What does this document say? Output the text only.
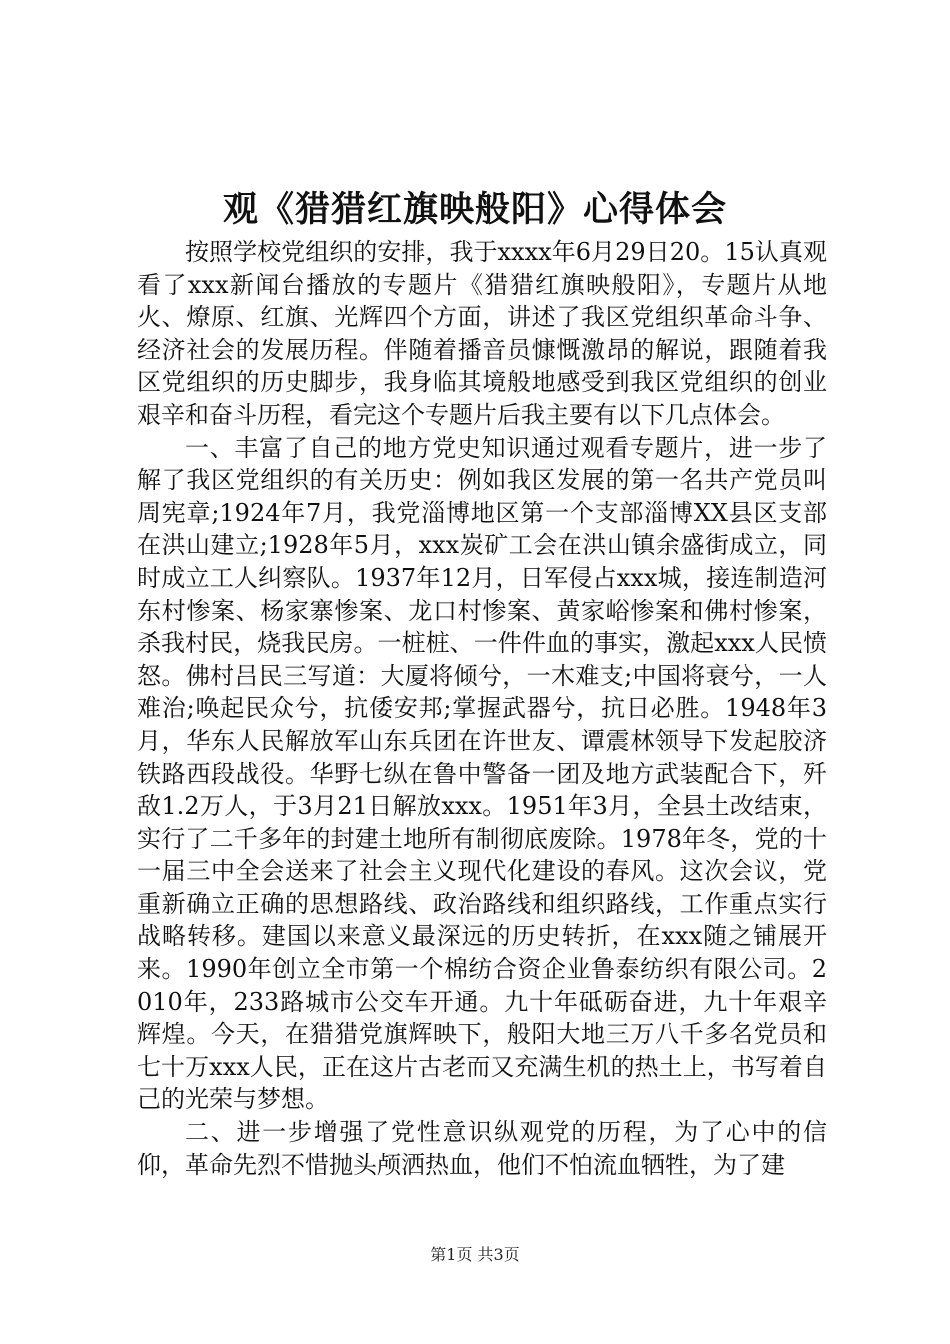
观《猎猎红旗映般阳》心得体会

按照学校党组织的安排，我于xxxx年6月29日20。15认真观看了xxx新闻台播放的专题片《猎猎红旗映般阳》，专题片从地火、燎原、红旗、光辉四个方面，讲述了我区党组织革命斗争、经济社会的发展历程。伴随着播音员慷慨激昂的解说，跟随着我区党组织的历史脚步，我身临其境般地感受到我区党组织的创业艰辛和奋斗历程，看完这个专题片后我主要有以下几点体会。

一、丰富了自己的地方党史知识通过观看专题片，进一步了解了我区党组织的有关历史：例如我区发展的第一名共产党员叫周宪章;1924年7月，我党淄博地区第一个支部淄博XX县区支部在洪山建立;1928年5月，xxx炭矿工会在洪山镇余盛街成立，同时成立工人纠察队。1937年12月，日军侵占xxx城，接连制造河东村惨案、杨家寨惨案、龙口村惨案、黄家峪惨案和佛村惨案，杀我村民，烧我民房。一桩桩、一件件血的事实，激起xxx人民愤怒。佛村吕民三写道：大厦将倾兮，一木难支;中国将衰兮，一人难治;唤起民众兮，抗倭安邦;掌握武器兮，抗日必胜。1948年3月，华东人民解放军山东兵团在许世友、谭震林领导下发起胶济铁路西段战役。华野七纵在鲁中警备一团及地方武装配合下，歼敌1.2万人，于3月21日解放xxx。1951年3月，全县土改结束，实行了二千多年的封建土地所有制彻底废除。1978年冬，党的十一届三中全会送来了社会主义现代化建设的春风。这次会议，党重新确立正确的思想路线、政治路线和组织路线，工作重点实行战略转移。建国以来意义最深远的历史转折，在xxx随之铺展开来。1990年创立全市第一个棉纺合资企业鲁泰纺织有限公司。2010年，233路城市公交车开通。九十年砥砺奋进，九十年艰辛辉煌。今天，在猎猎党旗辉映下，般阳大地三万八千多名党员和七十万xxx人民，正在这片古老而又充满生机的热土上，书写着自己的光荣与梦想。

二、进一步增强了党性意识纵观党的历程，为了心中的信仰，革命先烈不惜抛头颅洒热血，他们不怕流血牺牲，为了建

第1页 共3页
